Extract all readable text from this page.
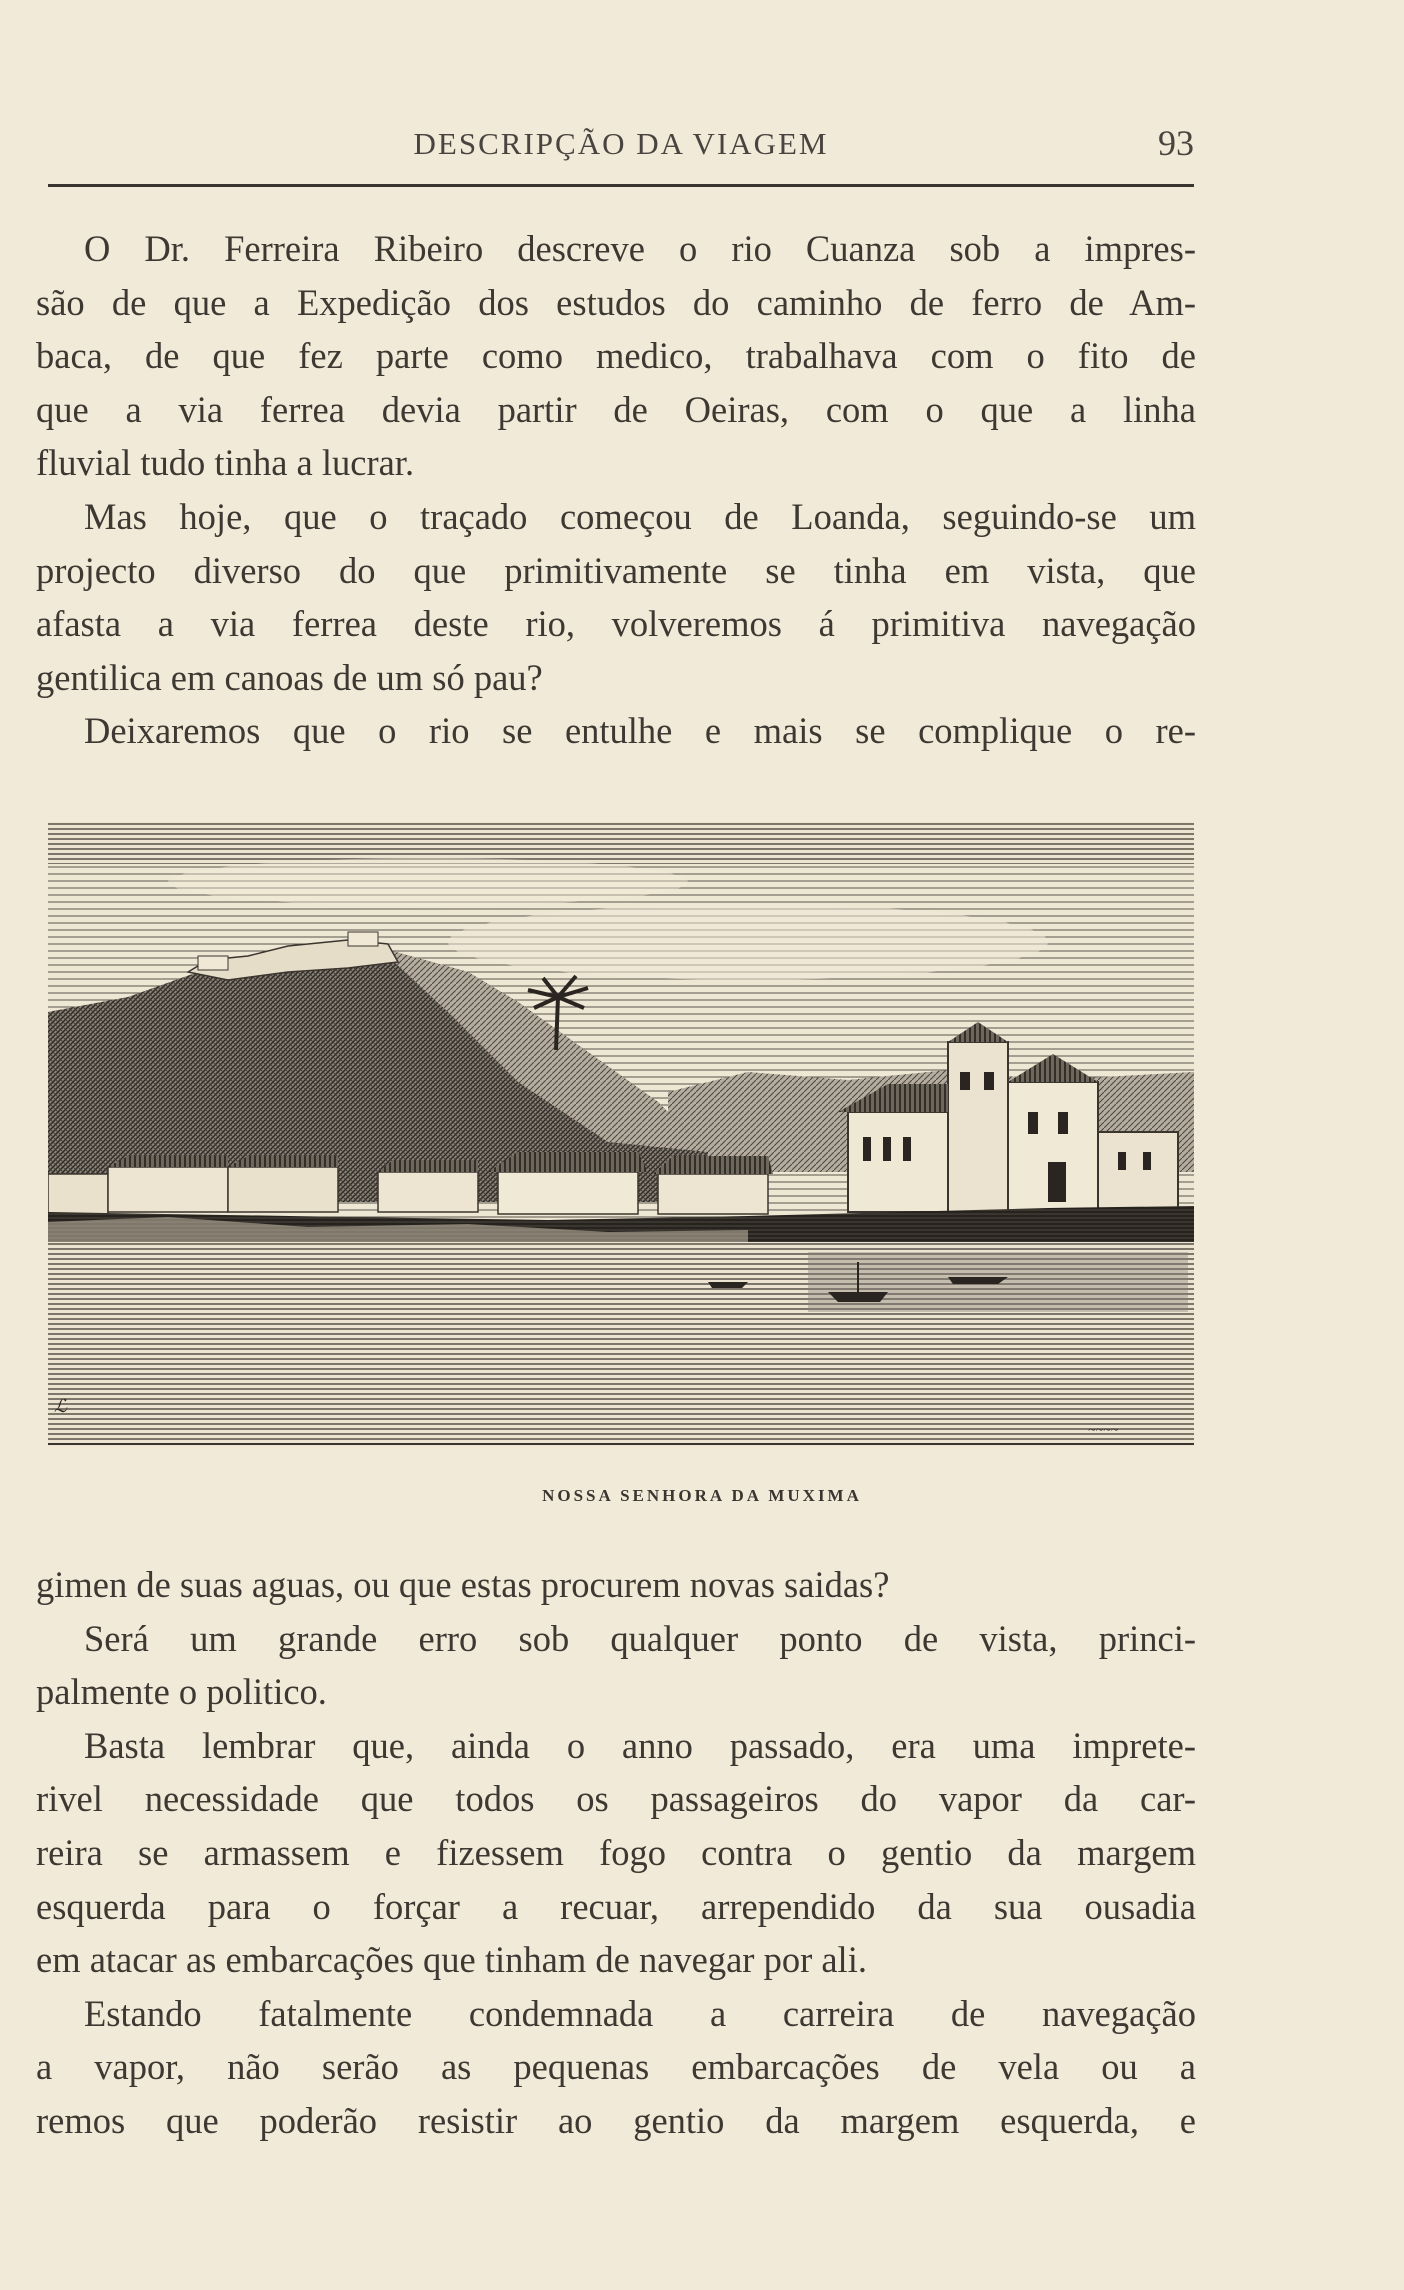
DESCRIPÇÃO DA VIAGEM	93

O Dr. Ferreira Ribeiro descreve o rio Cuanza sob a impres-

são de que a Expedição dos estudos do caminho de ferro de Am-

baca, de que fez parte como medico, trabalhava com o fito de

que a via ferrea devia partir de Oeiras, com o que a linha

fluvial tudo tinha a lucrar.

Mas hoje, que o traçado começou de Loanda, seguindo-se um

projecto diverso do que primitivamente se tinha em vista, que

afasta a via ferrea deste rio, volveremos á primitiva navegação

gentilica em canoas de um só pau?

Deixaremos que o rio se entulhe e mais se complique o re-

ℒ
~~~~
NOSSA SENHORA DA MUXIMA

gimen de suas aguas, ou que estas procurem novas saidas?

Será um grande erro sob qualquer ponto de vista, princi-

palmente o politico.

Basta lembrar que, ainda o anno passado, era uma imprete-

rivel necessidade que todos os passageiros do vapor da car-

reira se armassem e fizessem fogo contra o gentio da margem

esquerda para o forçar a recuar, arrependido da sua ousadia

em atacar as embarcações que tinham de navegar por ali.

Estando fatalmente condemnada a carreira de navegação

a vapor, não serão as pequenas embarcações de vela ou a

remos que poderão resistir ao gentio da margem esquerda, e
